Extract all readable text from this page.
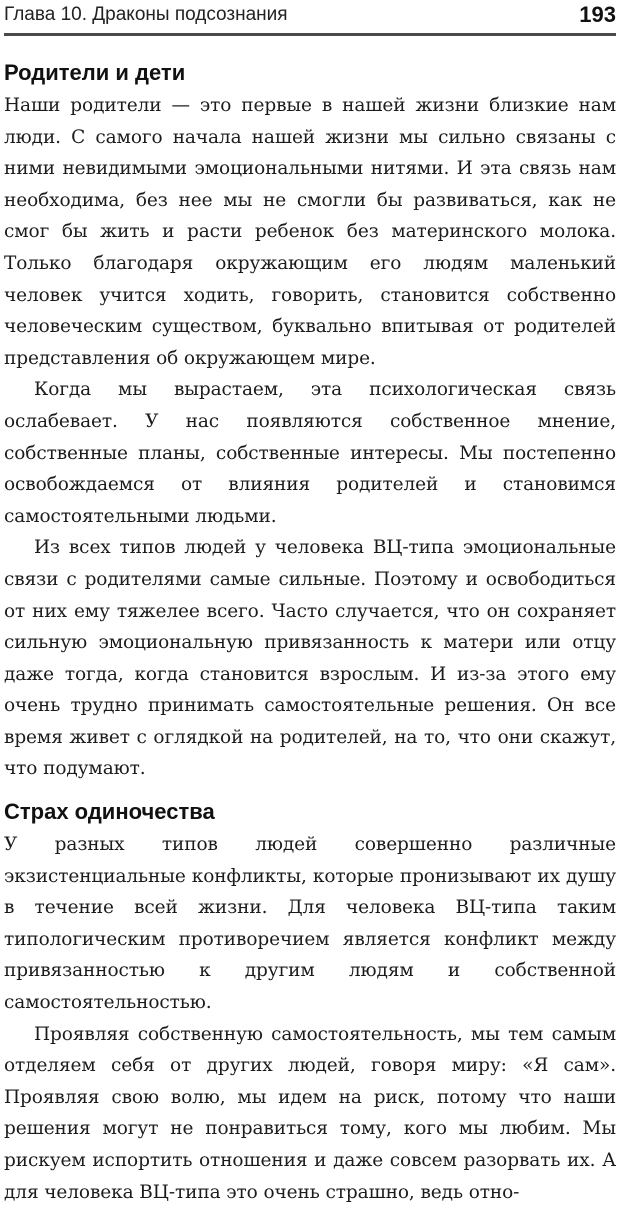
Глава 10. Драконы подсознания	193
Родители и дети

Наши родители — это первые в нашей жизни близкие нам люди. С самого начала нашей жизни мы сильно связаны с ними невидимыми эмоциональными нитями. И эта связь нам необходима, без нее мы не смогли бы развиваться, как не смог бы жить и расти ребенок без материнского молока. Только благодаря окружающим его людям маленький человек учится ходить, говорить, становится собственно человеческим существом, буквально впитывая от родителей представления об окружающем мире.

Когда мы вырастаем, эта психологическая связь ослабевает. У нас появляются собственное мнение, собственные планы, собственные интересы. Мы постепенно освобождаемся от влияния родителей и становимся самостоятельными людьми.

Из всех типов людей у человека ВЦ-типа эмоциональные связи с родителями самые сильные. Поэтому и освободиться от них ему тяжелее всего. Часто случается, что он сохраняет сильную эмоциональную привязанность к матери или отцу даже тогда, когда становится взрослым. И из-за этого ему очень трудно принимать самостоятельные решения. Он все время живет с оглядкой на родителей, на то, что они скажут, что подумают.

Страх одиночества

У разных типов людей совершенно различные экзистенциальные конфликты, которые пронизывают их душу в течение всей жизни. Для человека ВЦ-типа таким типологическим противоречием является конфликт между привязанностью к другим людям и собственной самостоятельностью.

Проявляя собственную самостоятельность, мы тем самым отделяем себя от других людей, говоря миру: «Я сам». Проявляя свою волю, мы идем на риск, потому что наши решения могут не понравиться тому, кого мы любим. Мы рискуем испортить отношения и даже совсем разорвать их. А для человека ВЦ-типа это очень страшно, ведь отно-
